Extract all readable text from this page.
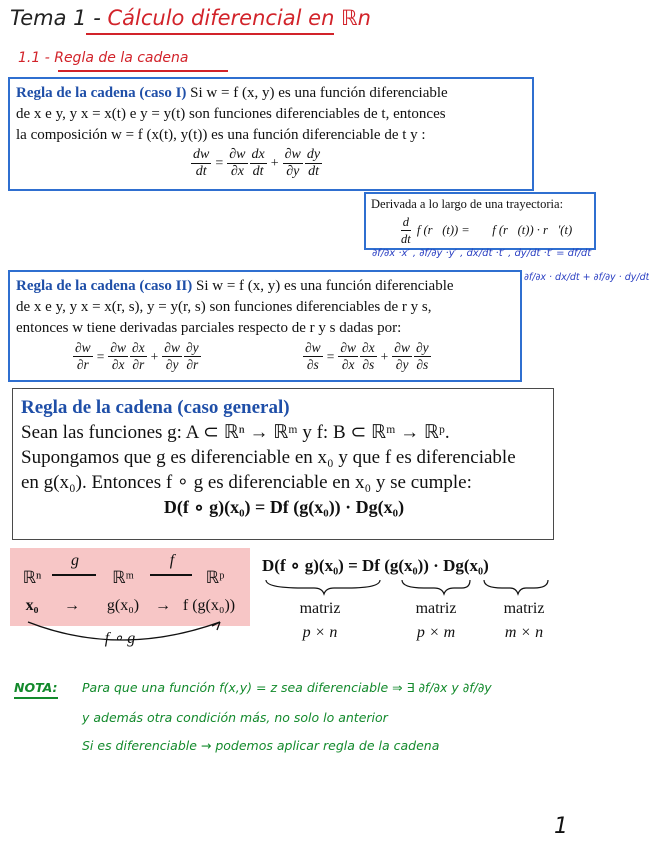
Tema 1 - Cálculo diferencial en ℝn
1.1 - Regla de la cadena
Regla de la cadena (caso I) Si w = f (x, y) es una función diferenciable
de x e y, y x = x(t) e y = y(t) son funciones diferenciables de t, entonces
la composición w = f (x(t), y(t)) es una función diferenciable de t y :
$\frac{dw}{dt} = \frac{\partial w}{\partial x} \frac{dx}{dt} + \frac{\partial w}{\partial y} \frac{dy}{dt}$
Derivada a lo largo de una trayectoria:
$\frac{d}{dt}$ f (r⃗(t)) = ∇⃗f (r⃗(t)) · r⃗′(t)
∂f/∂x ·x′ , ∂f/∂y ·y′ , dx/dt ·t′ , dy/dt ·t′ = df/dt
∂f/∂x · dx/dt + ∂f/∂y · dy/dt
Regla de la cadena (caso II) Si w = f (x, y) es una función diferenciable
de x e y, y x = x(r, s), y = y(r, s) son funciones diferenciables de r y s,
entonces w tiene derivadas parciales respecto de r y s dadas por:
$\frac{\partial w}{\partial r} = \frac{\partial w}{\partial x} \frac{\partial x}{\partial r} + \frac{\partial w}{\partial y} \frac{\partial y}{\partial r}$	$\frac{\partial w}{\partial s} = \frac{\partial w}{\partial x} \frac{\partial x}{\partial s} + \frac{\partial w}{\partial y} \frac{\partial y}{\partial s}$
Regla de la cadena (caso general)
Sean las funciones g: A ⊂ ℝⁿ → ℝᵐ y f: B ⊂ ℝᵐ → ℝᵖ.
Supongamos que g es diferenciable en x₀ y que f es diferenciable
en g(x₀). Entonces f ∘ g es diferenciable en x₀ y se cumple:
D(f ∘ g)(x₀) = Df (g(x₀)) · Dg(x₀)
ℝⁿ
g
ℝᵐ
f
ℝᵖ
x₀	→	g(x₀) → f (g(x₀))
f ∘ g
D(f ∘ g)(x₀) = Df (g(x₀)) · Dg(x₀)
matriz	matriz	matriz
p × n	p × m	m × n
NOTA: Para que una función f(x,y) = z sea diferenciable ⇒ ∃ ∂f/∂x y ∂f/∂y
y además otra condición más, no solo lo anterior
Si es diferenciable → podemos aplicar regla de la cadena
1
